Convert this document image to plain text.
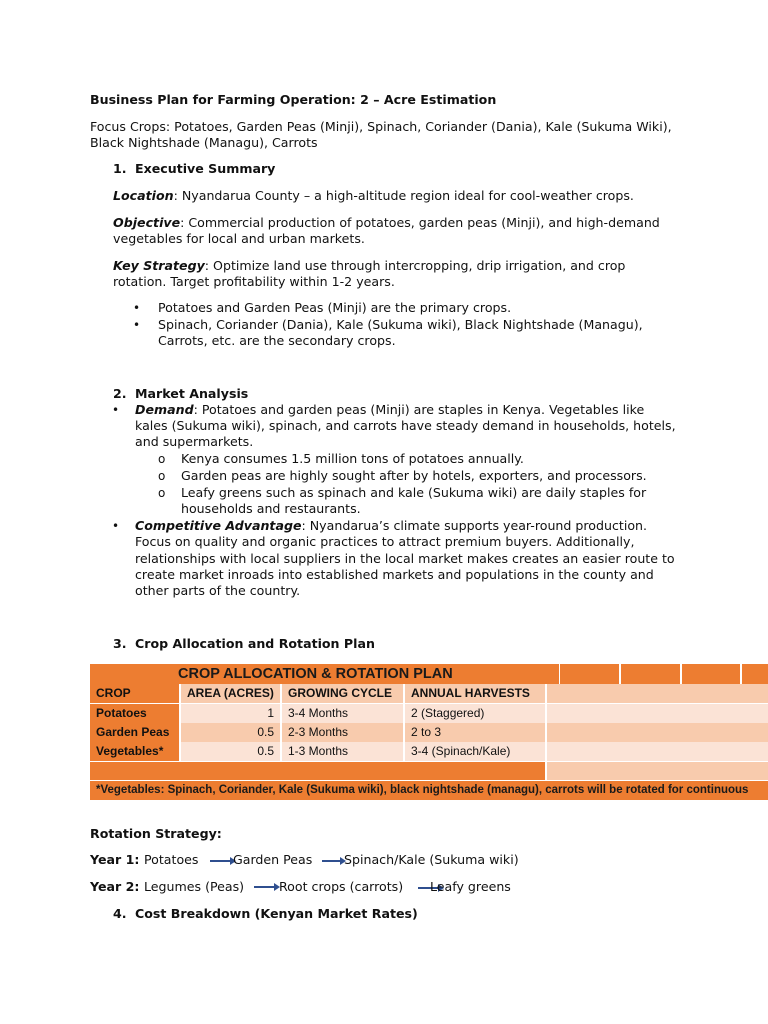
Business Plan for Farming Operation: 2 – Acre Estimation
Focus Crops: Potatoes, Garden Peas (Minji), Spinach, Coriander (Dania), Kale (Sukuma Wiki),
Black Nightshade (Managu), Carrots
1. Executive Summary
Location: Nyandarua County – a high-altitude region ideal for cool-weather crops.
Objective: Commercial production of potatoes, garden peas (Minji), and high-demand
vegetables for local and urban markets.
Key Strategy: Optimize land use through intercropping, drip irrigation, and crop
rotation. Target profitability within 1-2 years.
• Potatoes and Garden Peas (Minji) are the primary crops.
• Spinach, Coriander (Dania), Kale (Sukuma wiki), Black Nightshade (Managu),
Carrots, etc. are the secondary crops.
2. Market Analysis
• Demand: Potatoes and garden peas (Minji) are staples in Kenya. Vegetables like
kales (Sukuma wiki), spinach, and carrots have steady demand in households, hotels,
and supermarkets.
o Kenya consumes 1.5 million tons of potatoes annually.
o Garden peas are highly sought after by hotels, exporters, and processors.
o Leafy greens such as spinach and kale (Sukuma wiki) are daily staples for
households and restaurants.
• Competitive Advantage: Nyandarua’s climate supports year-round production.
Focus on quality and organic practices to attract premium buyers. Additionally,
relationships with local suppliers in the local market makes creates an easier route to
create market inroads into established markets and populations in the county and
other parts of the country.
3. Crop Allocation and Rotation Plan
CROP ALLOCATION & ROTATION PLAN
CROP	AREA (ACRES)	GROWING CYCLE	ANNUAL HARVESTS
Potatoes	1	3-4 Months	2 (Staggered)
Garden Peas	0.5	2-3 Months	2 to 3
Vegetables*	0.5	1-3 Months	3-4 (Spinach/Kale)
*Vegetables: Spinach, Coriander, Kale (Sukuma wiki), black nightshade (managu), carrots will be rotated for continuous
Rotation Strategy:
Year 1: Potatoes	Garden Peas	Spinach/Kale (Sukuma wiki)
Year 2: Legumes (Peas)	Root crops (carrots) Leafy greens
4. Cost Breakdown (Kenyan Market Rates)
